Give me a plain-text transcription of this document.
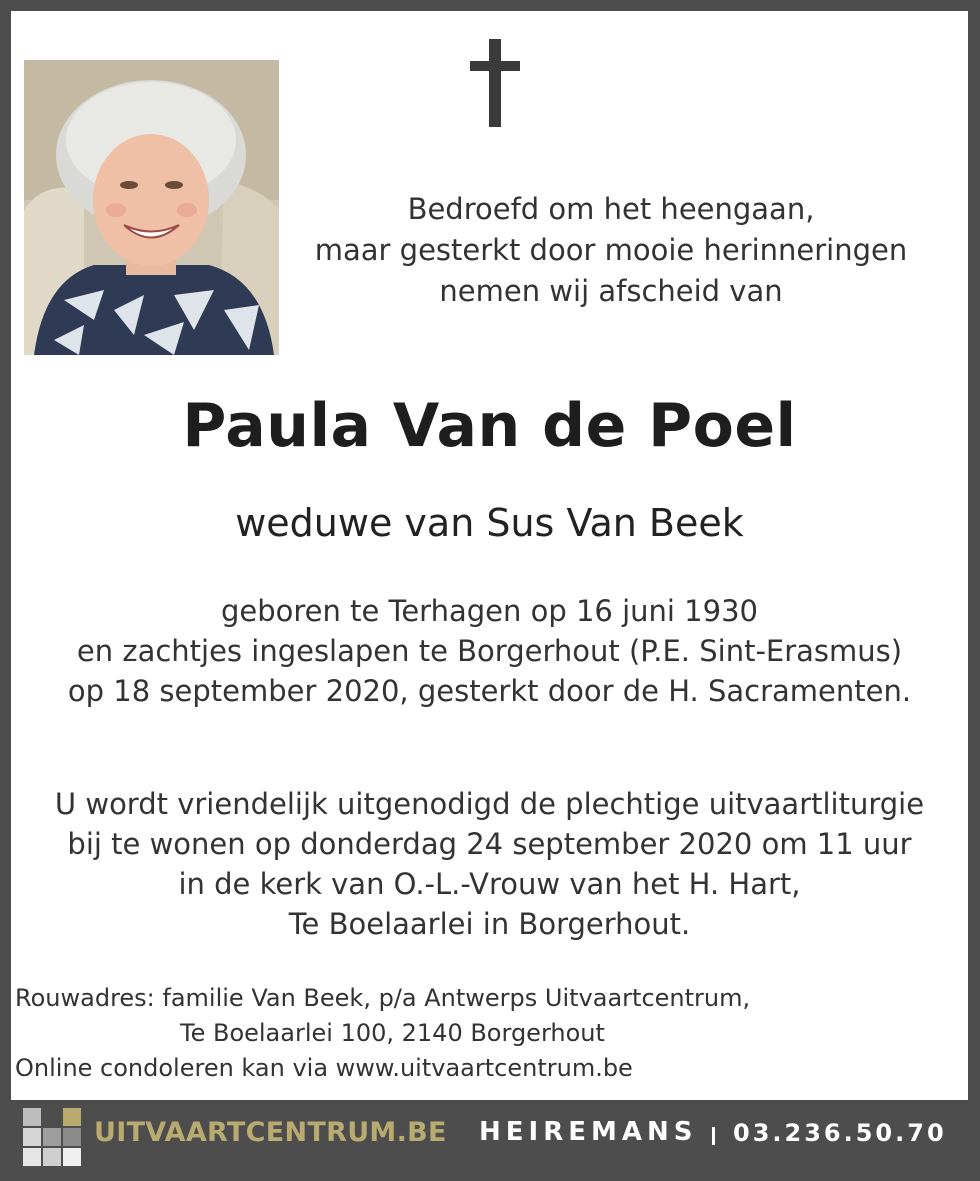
Bedroefd om het heengaan,
maar gesterkt door mooie herinneringen
nemen wij afscheid van
Paula Van de Poel
weduwe van Sus Van Beek
geboren te Terhagen op 16 juni 1930
en zachtjes ingeslapen te Borgerhout (P.E. Sint-Erasmus)
op 18 september 2020, gesterkt door de H. Sacramenten.
U wordt vriendelijk uitgenodigd de plechtige uitvaartliturgie
bij te wonen op donderdag 24 september 2020 om 11 uur
in de kerk van O.-L.-Vrouw van het H. Hart,
Te Boelaarlei in Borgerhout.
Rouwadres: familie Van Beek, p/a Antwerps Uitvaartcentrum,
Te Boelaarlei 100, 2140 Borgerhout
Online condoleren kan via www.uitvaartcentrum.be
UITVAARTCENTRUM.BE HEIREMANS 03.236.50.70
